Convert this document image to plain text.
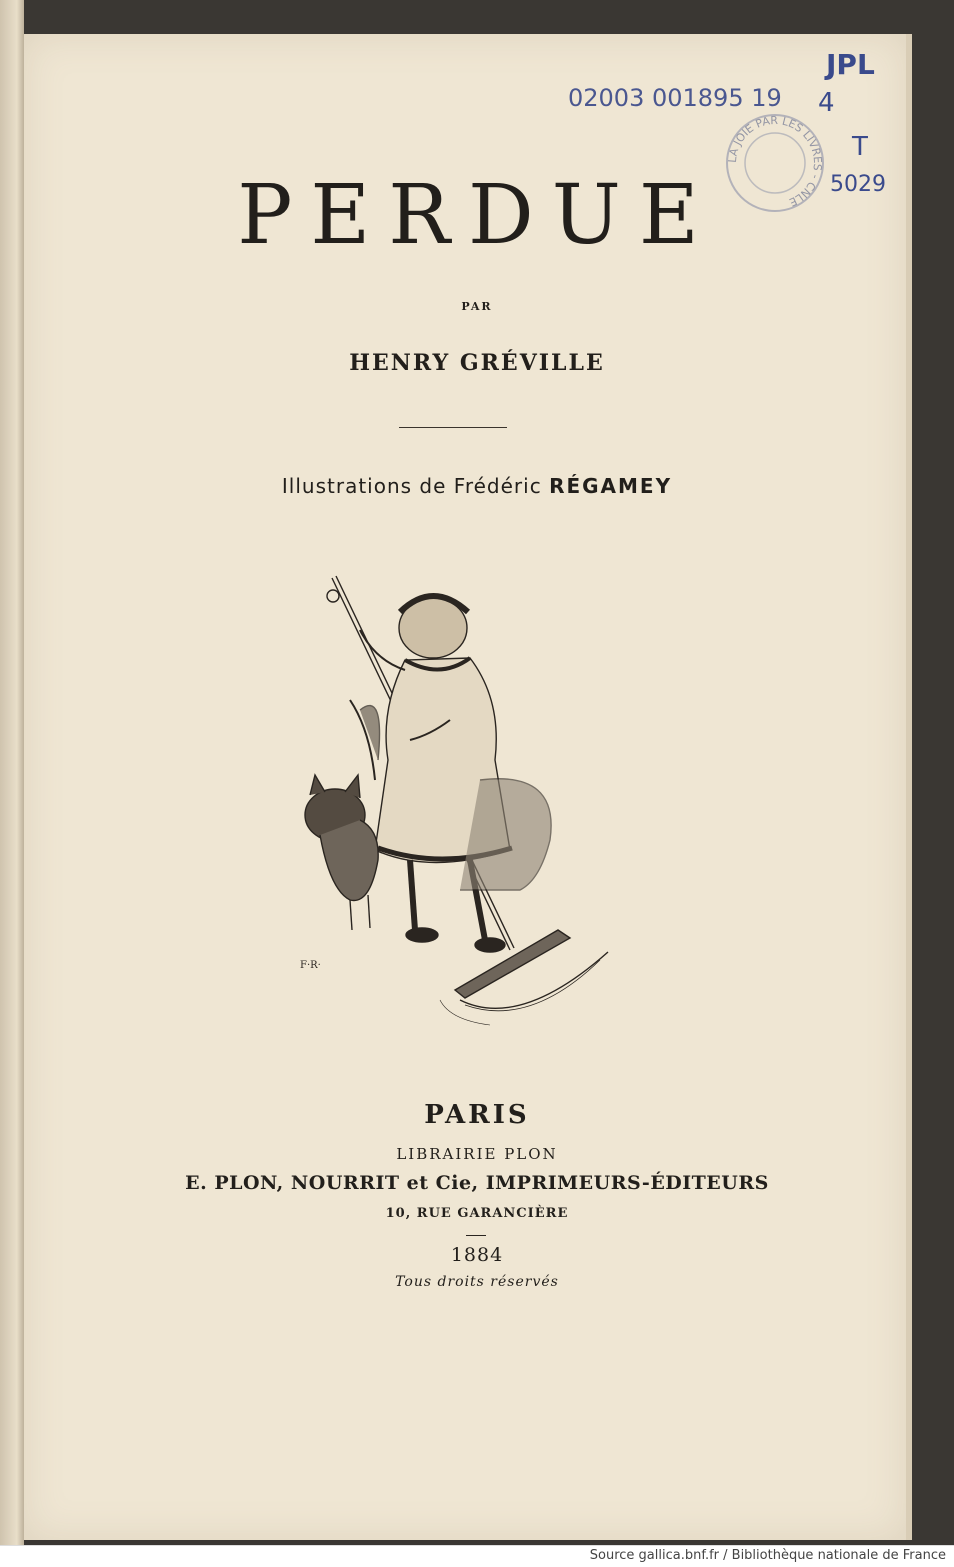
JPL
02003 001895 19 4
T
5029
LA JOIE PAR LES LIVRES - CNLE
PERDUE
PAR
HENRY GRÉVILLE
Illustrations de Frédéric RÉGAMEY
F·R·
PARIS
LIBRAIRIE PLON
E. PLON, NOURRIT et Cie, IMPRIMEURS-ÉDITEURS
10, RUE GARANCIÈRE
1884
Tous droits réservés
Source gallica.bnf.fr / Bibliothèque nationale de France
